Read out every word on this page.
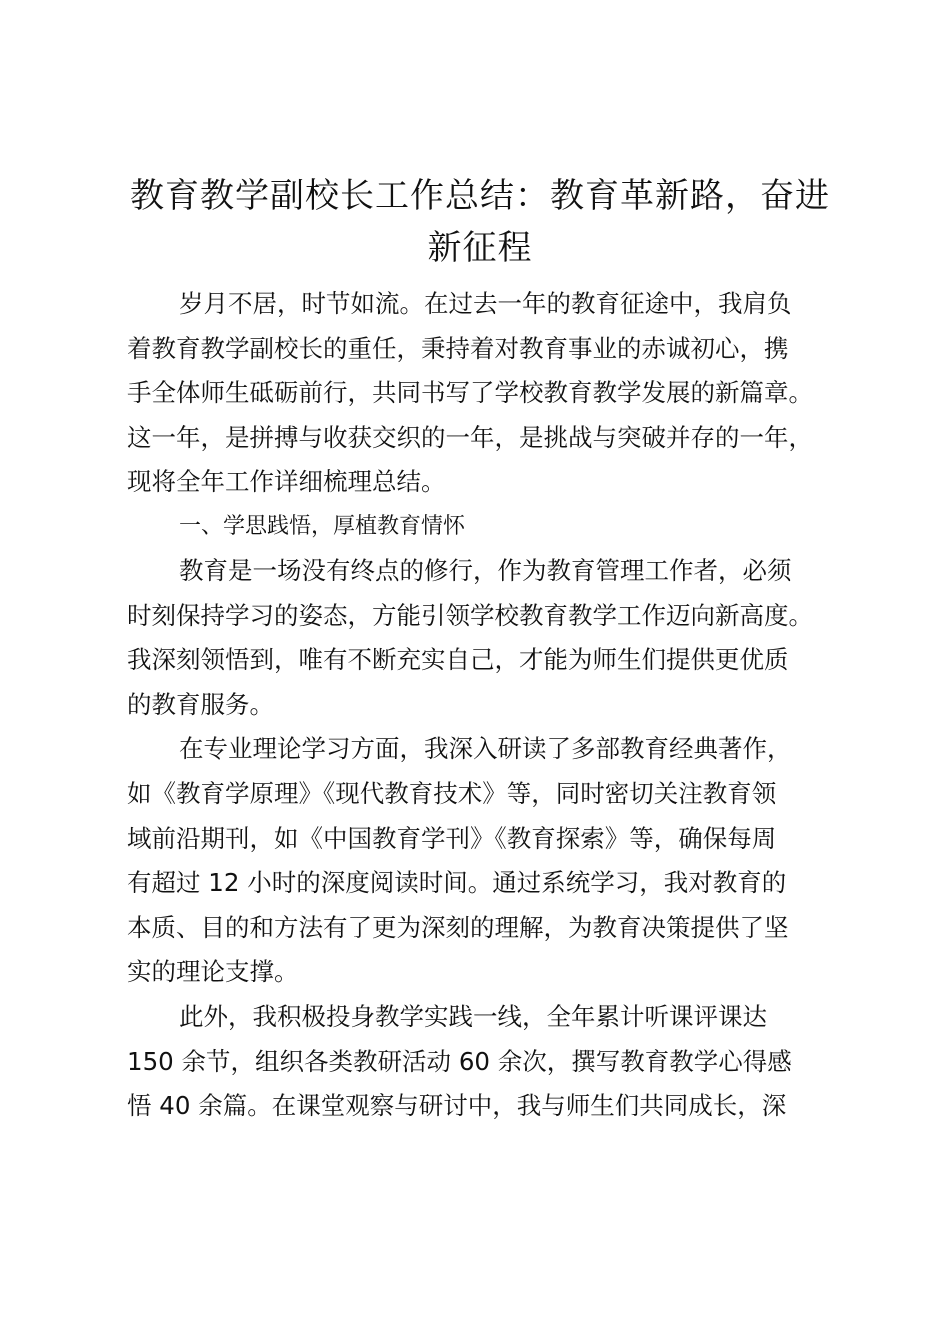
教育教学副校长工作总结：教育革新路，奋进
新征程
岁月不居，时节如流。在过去一年的教育征途中，我肩负
着教育教学副校长的重任，秉持着对教育事业的赤诚初心，携
手全体师生砥砺前行，共同书写了学校教育教学发展的新篇章。
这一年，是拼搏与收获交织的一年，是挑战与突破并存的一年，
现将全年工作详细梳理总结。

一、学思践悟，厚植教育情怀

教育是一场没有终点的修行，作为教育管理工作者，必须
时刻保持学习的姿态，方能引领学校教育教学工作迈向新高度。
我深刻领悟到，唯有不断充实自己，才能为师生们提供更优质
的教育服务。
在专业理论学习方面，我深入研读了多部教育经典著作，
如《教育学原理》《现代教育技术》等，同时密切关注教育领
域前沿期刊，如《中国教育学刊》《教育探索》等，确保每周
有超过 12 小时的深度阅读时间。通过系统学习，我对教育的
本质、目的和方法有了更为深刻的理解，为教育决策提供了坚
实的理论支撑。
此外，我积极投身教学实践一线，全年累计听课评课达
150 余节，组织各类教研活动 60 余次，撰写教育教学心得感
悟 40 余篇。在课堂观察与研讨中，我与师生们共同成长，深
